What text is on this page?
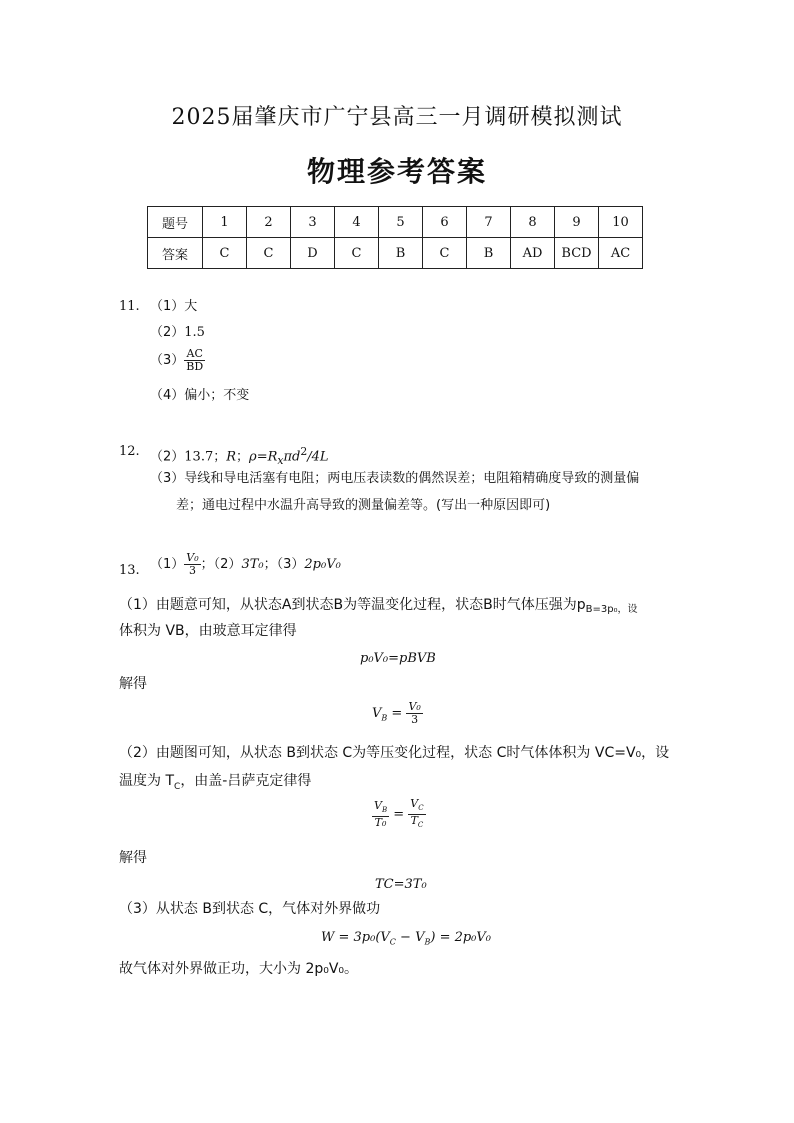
2025届肇庆市广宁县高三一月调研模拟测试
物理参考答案
题号	1	2	3	4	5	6	7	8	9	10
答案	C	C	D	C	B	C	B	AD	BCD	AC
11. （1）大
（2）1.5
$(3) \frac{AC}{BD}$
（4）偏小；不变
12. （2）13.7；R；$\rho=R_x\pi d^2/4L$
（3）导线和导电活塞有电阻；两电压表读数的偶然误差；电阻箱精确度导致的测量偏
差；通电过程中水温升高导致的测量偏差等。(写出一种原因即可)
13. $(1) \frac{\text{V₀}}{3}$ ；（2）3T₀；（3）2p₀V₀
（1）由题意可知，从状态A到状态B为等温变化过程，状态B时气体压强为$p_{B=3p_0,设}$
体积为 VB，由玻意耳定律得
p₀V₀=pBVB
解得
$V_B = \frac{\text{V₀}}{3}$
（2）由题图可知，从状态 B到状态 C为等压变化过程，状态 C时气体体积为 VC=V₀，设
温度为 $T_C$，由盖-吕萨克定律得
$\frac{V_B}{\text{T₀}} = \frac{V_C}{T_C}$
解得
TC=3T₀
（3）从状态 B到状态 C，气体对外界做功
$W = 3p_0(V_C - V_B) = 2p_0V_0$
故气体对外界做正功，大小为 2p₀V₀。
